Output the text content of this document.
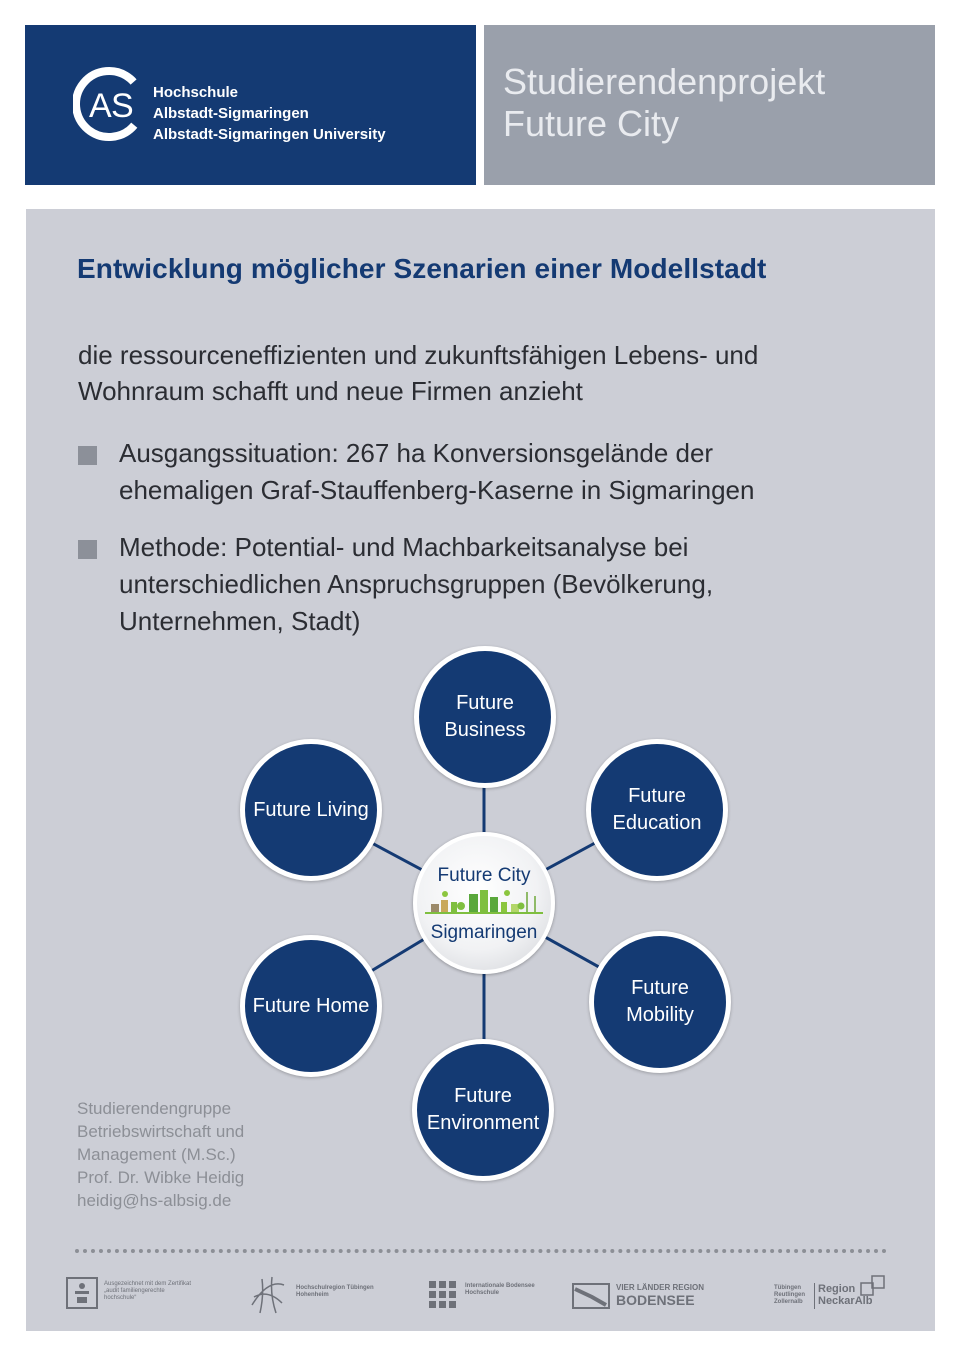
A S Hochschule
Albstadt-Sigmaringen
Albstadt-Sigmaringen University
Studierendenprojekt
Future City
Entwicklung möglicher Szenarien einer Modellstadt
die ressourceneffizienten und zukunftsfähigen Lebens- und Wohnraum schafft und neue Firmen anzieht
Ausgangssituation: 267 ha Konversionsgelände der ehemaligen Graf-Stauffenberg-Kaserne in Sigmaringen
Methode: Potential- und Machbarkeitsanalyse bei unterschiedlichen Anspruchsgruppen (Bevölkerung, Unternehmen, Stadt)
Future
Business
Future
Education
Future
Mobility
Future
Environment
Future Home
Future Living
Future City
Sigmaringen
Studierendengruppe
Betriebswirtschaft und
Management (M.Sc.)
Prof. Dr. Wibke Heidig
heidig@hs-albsig.de
Ausgezeichnet mit dem Zertifikat „audit familiengerechte hochschule“
Hochschulregion Tübingen Hohenheim
Internationale Bodensee Hochschule
VIER LÄNDER REGION
BODENSEE
Tübingen Reutlingen Zollernalb
Region
NeckarAlb
